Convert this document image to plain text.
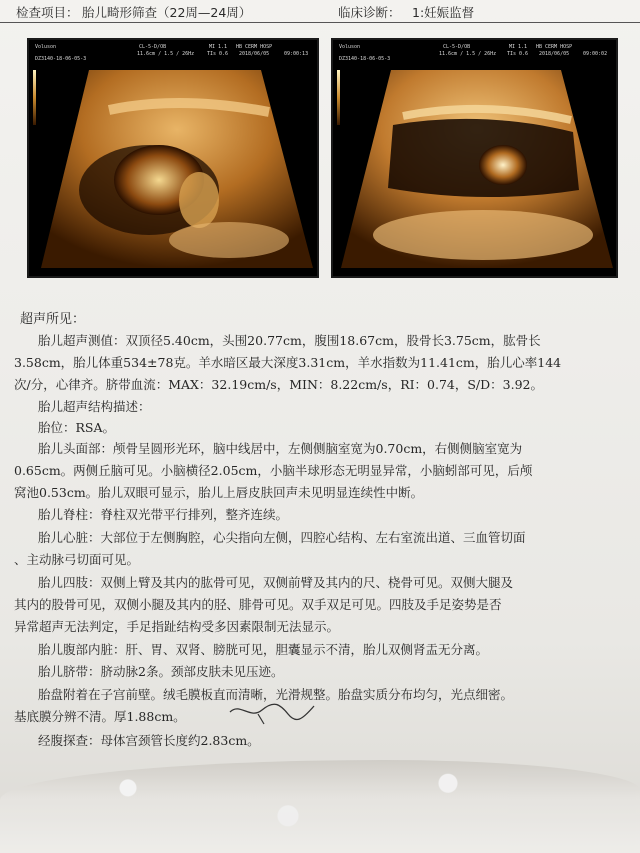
检查项目： 胎儿畸形筛查（22周—24周）	临床诊断： 1:妊娠监督
Voluson	CL-5-D/OB
11.6cm / 1.5 / 26Hz
MI 1.1
TIs 0.6
HB CERM HOSP
2018/06/05	09:00:13
DZ3140-18-06-05-3
Voluson	CL-5-D/OB
11.6cm / 1.5 / 26Hz
MI 1.1
TIs 0.6
HB CERM HOSP
2018/06/05	09:00:02
DZ3140-18-06-05-3
超声所见：
胎儿超声测值：双顶径5.40cm，头围20.77cm，腹围18.67cm，股骨长3.75cm，肱骨长
3.58cm，胎儿体重534±78克。羊水暗区最大深度3.31cm，羊水指数为11.41cm，胎儿心率144
次/分，心律齐。脐带血流：MAX：32.19cm/s，MIN：8.22cm/s，RI：0.74，S/D：3.92。
胎儿超声结构描述：
胎位：RSA。
胎儿头面部：颅骨呈圆形光环，脑中线居中，左侧侧脑室宽为0.70cm，右侧侧脑室宽为
0.65cm。两侧丘脑可见。小脑横径2.05cm，小脑半球形态无明显异常，小脑蚓部可见，后颅
窝池0.53cm。胎儿双眼可显示，胎儿上唇皮肤回声未见明显连续性中断。
胎儿脊柱：脊柱双光带平行排列，整齐连续。
胎儿心脏：大部位于左侧胸腔，心尖指向左侧，四腔心结构、左右室流出道、三血管切面
、主动脉弓切面可见。
胎儿四肢：双侧上臂及其内的肱骨可见，双侧前臂及其内的尺、桡骨可见。双侧大腿及
其内的股骨可见，双侧小腿及其内的胫、腓骨可见。双手双足可见。四肢及手足姿势是否
异常超声无法判定，手足指趾结构受多因素限制无法显示。
胎儿腹部内脏：肝、胃、双肾、膀胱可见，胆囊显示不清，胎儿双侧肾盂无分离。
胎儿脐带：脐动脉2条。颈部皮肤未见压迹。
胎盘附着在子宫前壁。绒毛膜板直而清晰，光滑规整。胎盘实质分布均匀，光点细密。
基底膜分辨不清。厚1.88cm。
经腹探查：母体宫颈管长度约2.83cm。
